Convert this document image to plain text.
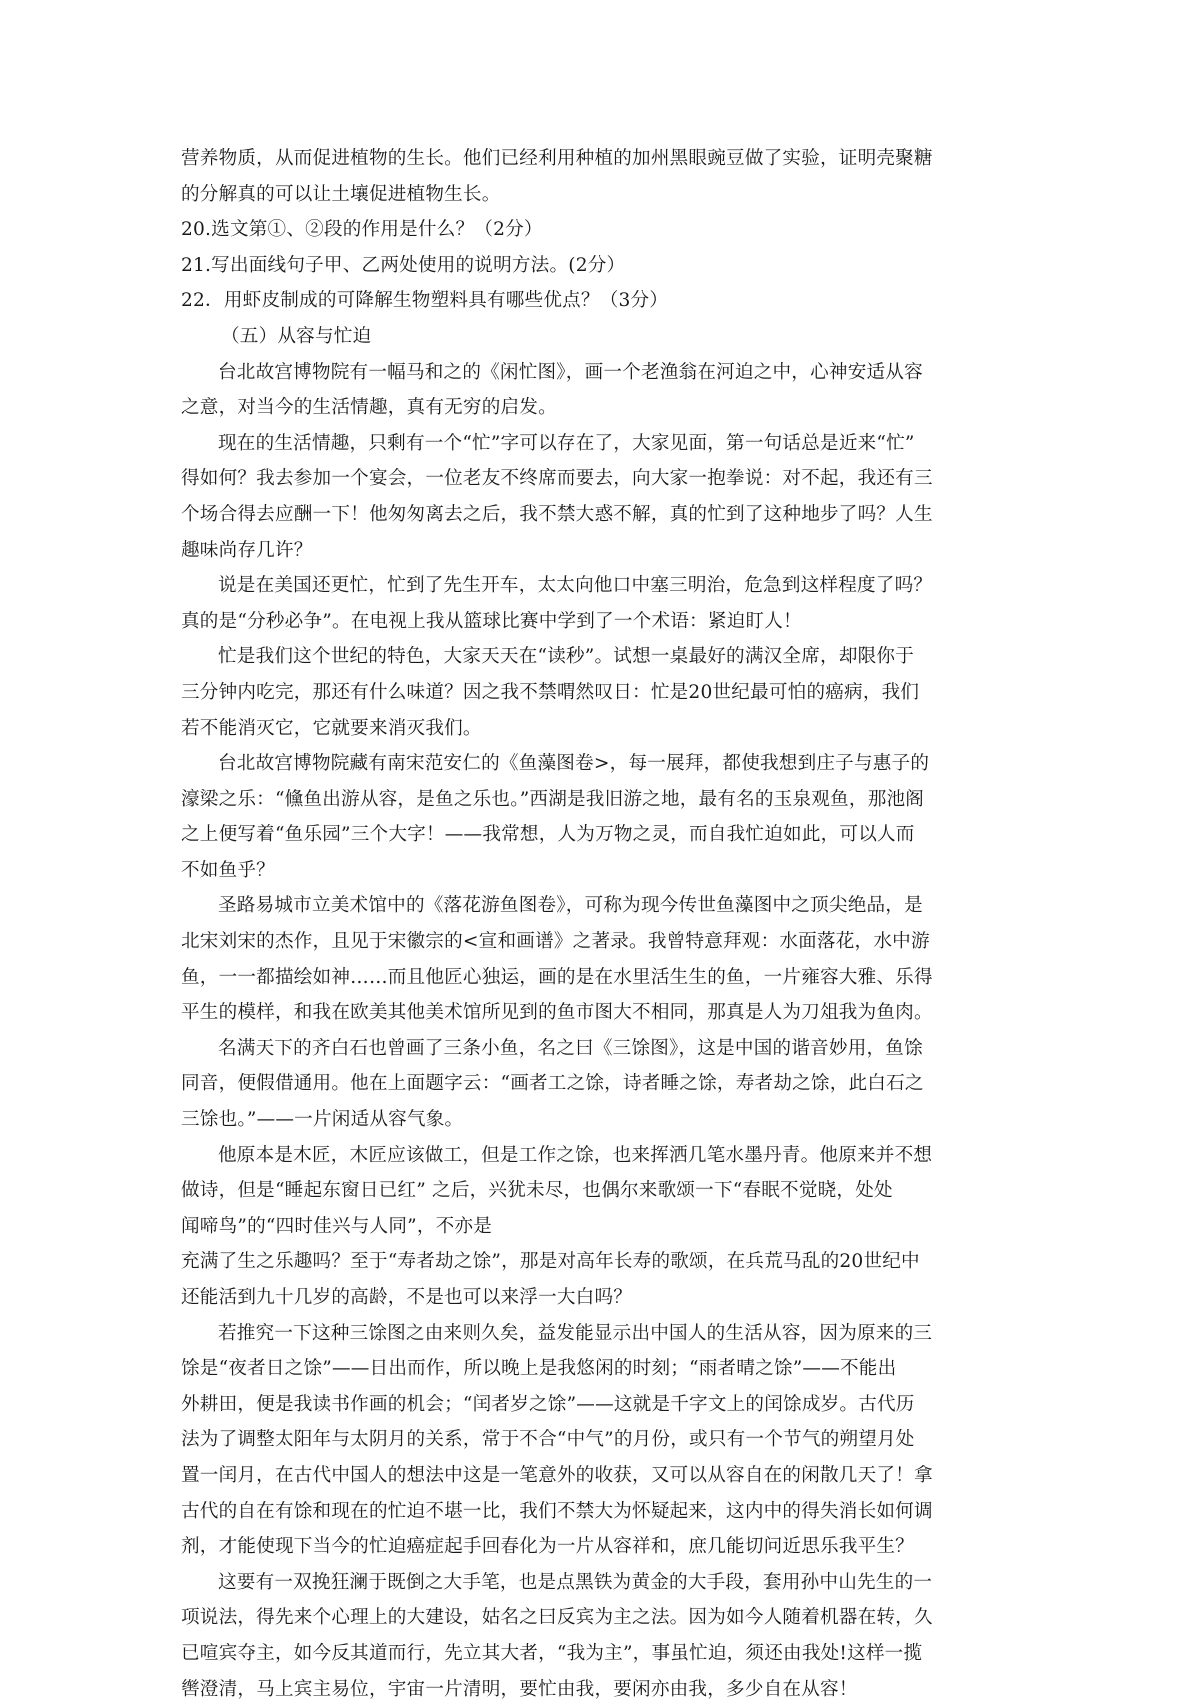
营养物质，从而促进植物的生长。他们已经利用种植的加州黑眼豌豆做了实验，证明壳聚糖
的分解真的可以让土壤促进植物生长。
20.选文第①、②段的作用是什么？（2分）
21.写出面线句子甲、乙两处使用的说明方法。(2分）
22．用虾皮制成的可降解生物塑料具有哪些优点？（3分）
（五）从容与忙迫
台北故宫博物院有一幅马和之的《闲忙图》，画一个老渔翁在河迫之中，心神安适从容
之意，对当今的生活情趣，真有无穷的启发。
现在的生活情趣，只剩有一个“忙”字可以存在了，大家见面，第一句话总是近来“忙”
得如何？我去参加一个宴会，一位老友不终席而要去，向大家一抱拳说：对不起，我还有三
个场合得去应酬一下！他匆匆离去之后，我不禁大惑不解，真的忙到了这种地步了吗？人生
趣味尚存几许？
说是在美国还更忙，忙到了先生开车，太太向他口中塞三明治，危急到这样程度了吗？
真的是“分秒必争”。在电视上我从篮球比赛中学到了一个术语：紧迫盯人！
忙是我们这个世纪的特色，大家天天在“读秒”。试想一桌最好的满汉全席，却限你于
三分钟内吃完，那还有什么味道？因之我不禁喟然叹日：忙是20世纪最可怕的癌病，我们
若不能消灭它，它就要来消灭我们。
台北故宫博物院藏有南宋范安仁的《鱼藻图卷>，每一展拜，都使我想到庄子与惠子的
濠梁之乐：“儵鱼出游从容，是鱼之乐也。”西湖是我旧游之地，最有名的玉泉观鱼，那池阁
之上便写着“鱼乐园”三个大字！——我常想，人为万物之灵，而自我忙迫如此，可以人而
不如鱼乎？
圣路易城市立美术馆中的《落花游鱼图卷》，可称为现今传世鱼藻图中之顶尖绝品，是
北宋刘宋的杰作，且见于宋徽宗的<宣和画谱》之著录。我曾特意拜观：水面落花，水中游
鱼，一一都描绘如神……而且他匠心独运，画的是在水里活生生的鱼，一片雍容大雅、乐得
平生的模样，和我在欧美其他美术馆所见到的鱼市图大不相同，那真是人为刀俎我为鱼肉。
名满天下的齐白石也曾画了三条小鱼，名之曰《三馀图》，这是中国的谐音妙用，鱼馀
同音，便假借通用。他在上面题字云：“画者工之馀，诗者睡之馀，寿者劫之馀，此白石之
三馀也。”——一片闲适从容气象。
他原本是木匠，木匠应该做工，但是工作之馀，也来挥洒几笔水墨丹青。他原来并不想
做诗，但是“睡起东窗日已红” 之后，兴犹未尽，也偶尔来歌颂一下“春眠不觉晓，处处
闻啼鸟”的“四时佳兴与人同”，不亦是
充满了生之乐趣吗？至于“寿者劫之馀”，那是对高年长寿的歌颂，在兵荒马乱的20世纪中
还能活到九十几岁的高龄，不是也可以来浮一大白吗？
若推究一下这种三馀图之由来则久矣，益发能显示出中国人的生活从容，因为原来的三
馀是“夜者日之馀”——日出而作，所以晚上是我悠闲的时刻；“雨者晴之馀”——不能出
外耕田，便是我读书作画的机会；“闰者岁之馀”——这就是千字文上的闰馀成岁。古代历
法为了调整太阳年与太阴月的关系，常于不合“中气”的月份，或只有一个节气的朔望月处
置一闰月，在古代中国人的想法中这是一笔意外的收获，又可以从容自在的闲散几天了！拿
古代的自在有馀和现在的忙迫不堪一比，我们不禁大为怀疑起来，这内中的得失消长如何调
剂，才能使现下当今的忙迫癌症起手回春化为一片从容祥和，庶几能切问近思乐我平生？
这要有一双挽狂澜于既倒之大手笔，也是点黑铁为黄金的大手段，套用孙中山先生的一
项说法，得先来个心理上的大建设，姑名之曰反宾为主之法。因为如今人随着机器在转，久
已喧宾夺主，如今反其道而行，先立其大者，“我为主”，事虽忙迫，须还由我处!这样一揽
辔澄清，马上宾主易位，宇宙一片清明，要忙由我，要闲亦由我，多少自在从容！
